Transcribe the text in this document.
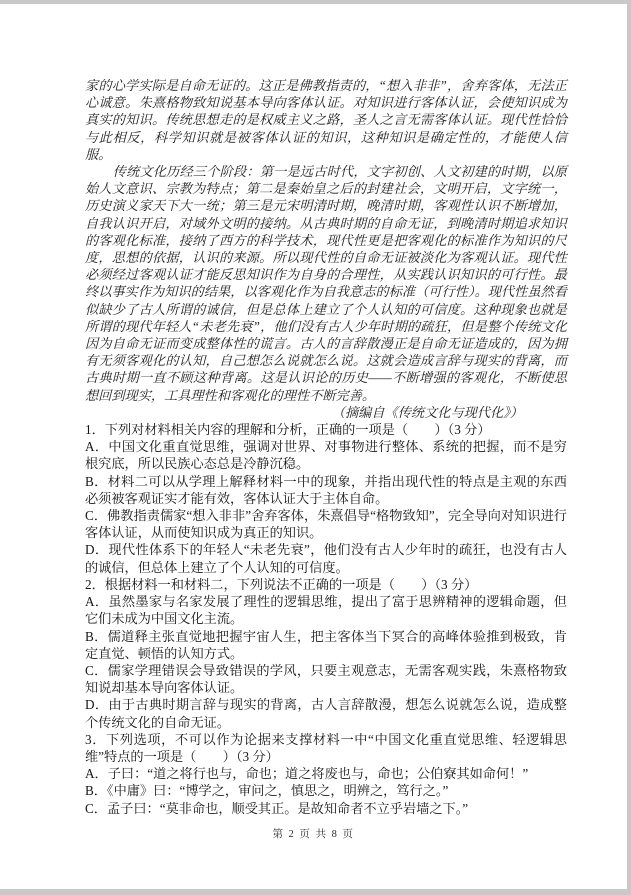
家的心学实际是自命无证的。这正是佛教指责的，“想入非非”，舍弃客体，无法正心诚意。朱熹格物致知说基本导向客体认证。对知识进行客体认证，会使知识成为真实的知识。传统思想走的是权威主义之路，圣人之言无需客体认证。现代性恰恰与此相反，科学知识就是被客体认证的知识，这种知识是确定性的，才能使人信服。

传统文化历经三个阶段：第一是远古时代，文字初创、人文初建的时期，以原始人文意识、宗教为特点；第二是秦始皇之后的封建社会，文明开启，文字统一，历史演义家天下大一统；第三是元宋明清时期，晚清时期，客观性认识不断增加，自我认识开启，对域外文明的接纳。从古典时期的自命无证，到晚清时期追求知识的客观化标准，接纳了西方的科学技术，现代性更是把客观化的标准作为知识的尺度，思想的依据，认识的来源。所以现代性的自命无证被淡化为客观认证。现代性必须经过客观认证才能反思知识作为自身的合理性，从实践认识知识的可行性。最终以事实作为知识的结果，以客观化作为自我意志的标准（可行性）。现代性虽然看似缺少了古人所谓的诚信，但是总体上建立了个人认知的可信度。这种现象也就是所谓的现代年轻人“未老先衰”，他们没有古人少年时期的疏狂，但是整个传统文化因为自命无证而变成整体性的谎言。古人的言辞散漫正是自命无证造成的，因为拥有无须客观化的认知，自己想怎么说就怎么说。这就会造成言辞与现实的背离，而古典时期一直不顾这种背离。这是认识论的历史——不断增强的客观化，不断使思想回到现实，工具理性和客观化的理性不断完善。

（摘编自《传统文化与现代化》）

1．下列对材料相关内容的理解和分析，正确的一项是（　　）（3 分）

A．中国文化重直觉思维，强调对世界、对事物进行整体、系统的把握，而不是穷根究底，所以民族心态总是冷静沉稳。

B．材料二可以从学理上解释材料一中的现象，并指出现代性的特点是主观的东西必须被客观证实才能有效，客体认证大于主体自命。

C．佛教指责儒家“想入非非”舍弃客体，朱熹倡导“格物致知”，完全导向对知识进行客体认证，从而使知识成为真正的知识。

D．现代性体系下的年轻人“未老先衰”，他们没有古人少年时的疏狂，也没有古人的诚信，但总体上建立了个人认知的可信度。

2．根据材料一和材料二，下列说法不正确的一项是（　　）（3 分）

A．虽然墨家与名家发展了理性的逻辑思维，提出了富于思辨精神的逻辑命题，但它们未成为中国文化主流。

B．儒道释主张直觉地把握宇宙人生，把主客体当下冥合的高峰体验推到极致，肯定直觉、顿悟的认知方式。

C．儒家学理错误会导致错误的学风，只要主观意志，无需客观实践，朱熹格物致知说却基本导向客体认证。

D．由于古典时期言辞与现实的背离，古人言辞散漫，想怎么说就怎么说，造成整个传统文化的自命无证。

3．下列选项，不可以作为论据来支撑材料一中“中国文化重直觉思维、轻逻辑思维”特点的一项是（　　）（3 分）

A．子曰：“道之将行也与，命也；道之将废也与，命也；公伯寮其如命何！”

B．《中庸》曰：“博学之，审问之，慎思之，明辨之，笃行之。”

C．孟子曰：“莫非命也，顺受其正。是故知命者不立乎岩墙之下。”

第 2 页 共 8 页
